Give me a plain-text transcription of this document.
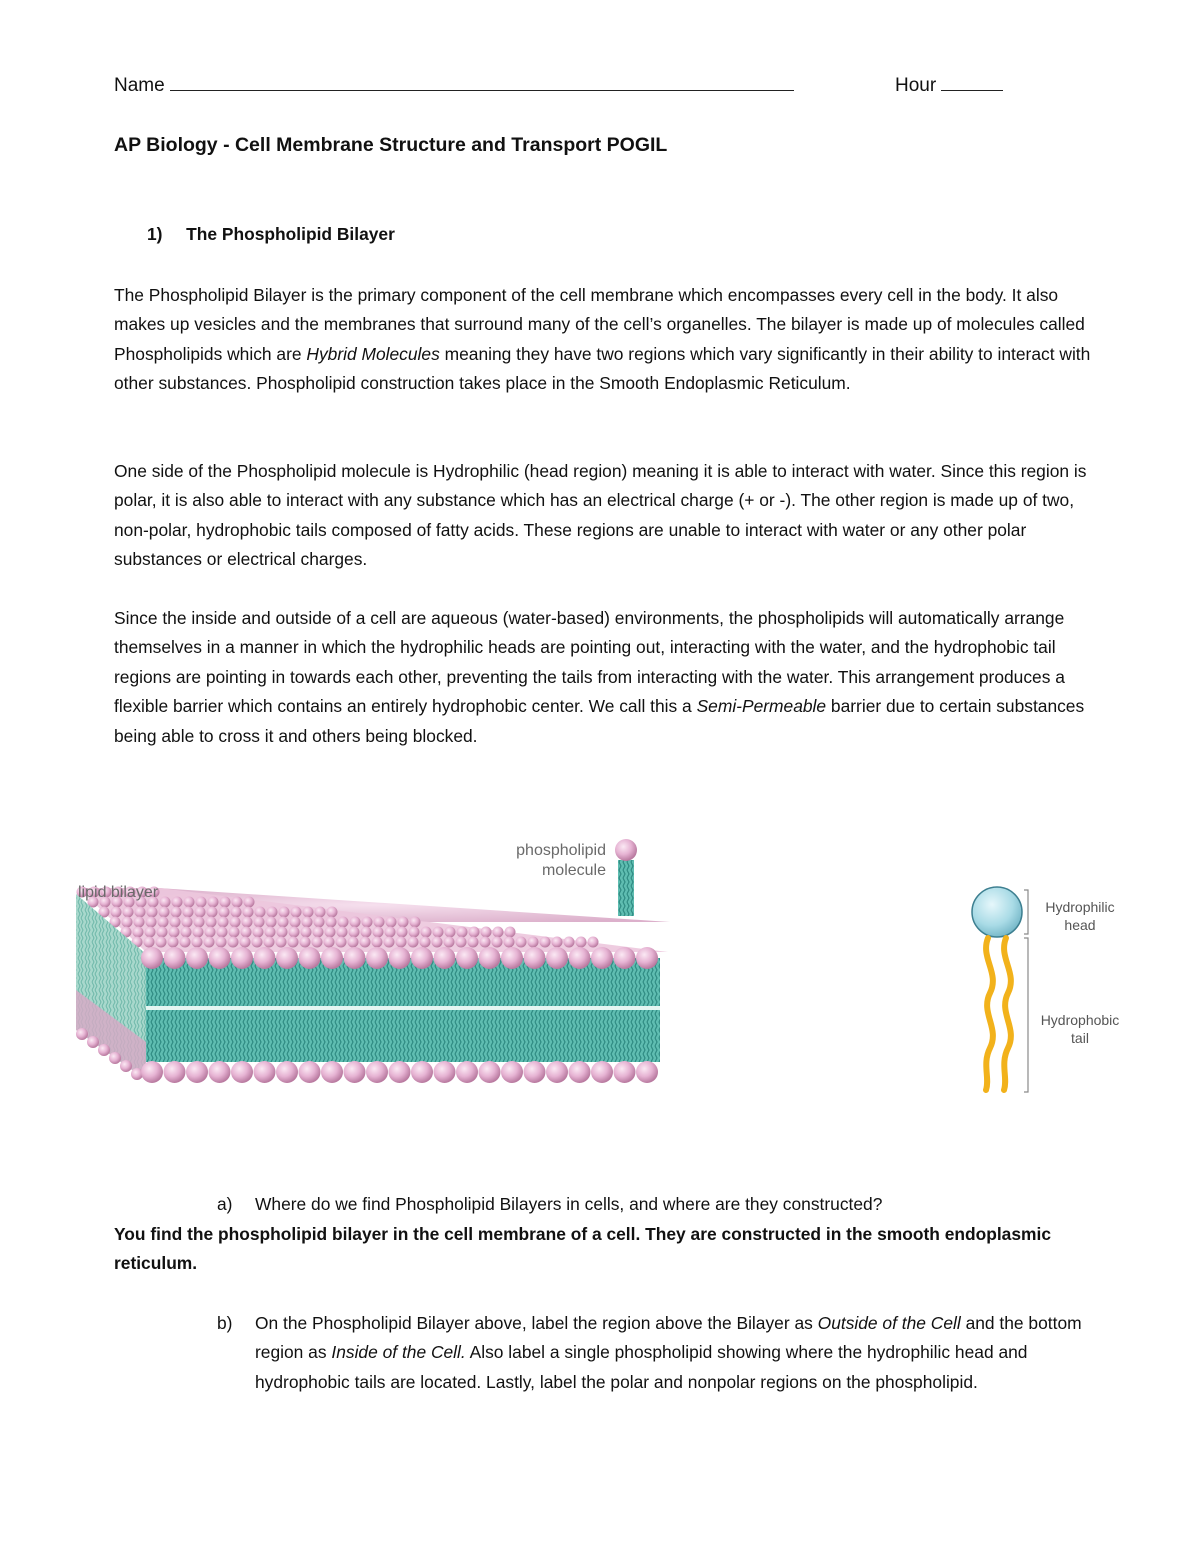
Name	Hour
AP Biology - Cell Membrane Structure and Transport POGIL
1) The Phospholipid Bilayer
The Phospholipid Bilayer is the primary component of the cell membrane which encompasses every cell in the body. It also makes up vesicles and the membranes that surround many of the cell’s organelles. The bilayer is made up of molecules called Phospholipids which are Hybrid Molecules meaning they have two regions which vary significantly in their ability to interact with other substances. Phospholipid construction takes place in the Smooth Endoplasmic Reticulum.
One side of the Phospholipid molecule is Hydrophilic (head region) meaning it is able to interact with water. Since this region is polar, it is also able to interact with any substance which has an electrical charge (+ or -). The other region is made up of two, non-polar, hydrophobic tails composed of fatty acids. These regions are unable to interact with water or any other polar substances or electrical charges.
Since the inside and outside of a cell are aqueous (water-based) environments, the phospholipids will automatically arrange themselves in a manner in which the hydrophilic heads are pointing out, interacting with the water, and the hydrophobic tail regions are pointing in towards each other, preventing the tails from interacting with the water. This arrangement produces a flexible barrier which contains an entirely hydrophobic center. We call this a Semi-Permeable barrier due to certain substances being able to cross it and others being blocked.
lipid bilayer
phospholipid
molecule
Hydrophilic
head
Hydrophobic
tail
a) Where do we find Phospholipid Bilayers in cells, and where are they constructed?
You find the phospholipid bilayer in the cell membrane of a cell. They are constructed in the smooth endoplasmic reticulum.
b) On the Phospholipid Bilayer above, label the region above the Bilayer as Outside of the Cell and the bottom region as Inside of the Cell. Also label a single phospholipid showing where the hydrophilic head and hydrophobic tails are located. Lastly, label the polar and nonpolar regions on the phospholipid.
